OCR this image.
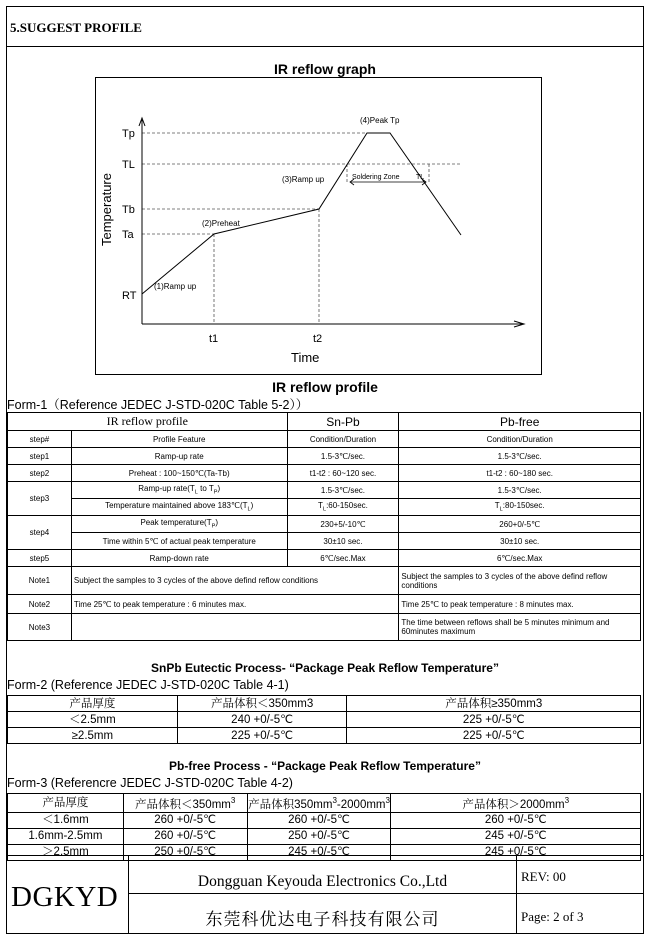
5.SUGGEST PROFILE
IR reflow graph
Tp
TL
Tb
Ta
RT
Temperature
Time
t1	t2
(1)Ramp up
(2)Preheat
(3)Ramp up
(4)Peak Tp
Soldering Zone TL
IR reflow profile
Form-1（Reference JEDEC J-STD-020C Table 5-2））
IR reflow profile		Sn-Pb	Pb-free
step#	Profile Feature	Condition/Duration	Condition/Duration
step1	Ramp-up rate	1.5-3℃/sec.	1.5-3℃/sec.
step2	Preheat : 100~150℃(Ta-Tb)	t1-t2 : 60~120 sec.	t1-t2 : 60~180 sec.
step3	Ramp-up $rate(T_L$ to $T_P$)	1.5-3℃/sec.	1.5-3℃/sec.
	Temperature maintained above $183℃(T_L)$	$T_L:60-150\sec$.	$T_L:80-150\sec$.
step4	Peak $temperature(T_P)$	230+5/-10℃	260+0/-5℃
	Time within 5℃ of actual peak temperature	30±10 sec.	30±10 sec.
step5	Ramp-down rate	6℃/sec.Max	6℃/sec.Max
Note1	Subject the samples to 3 cycles of the above defind reflow conditions		Subject the samples to 3 cycles of the above defind reflow conditions
Note2	Time 25℃ to peak temperature : 6 minutes max.		Time 25℃ to peak temperature : 8 minutes max.
Note3			The time between reflows shall be 5 minutes minimum and 60minutes maximum
SnPb Eutectic Process- “Package Peak Reflow Temperature”
Form-2 (Reference JEDEC J-STD-020C Table 4-1)
产品厚度	产品体积＜350mm3	产品体积≥350mm3
＜2.5mm	240 +0/-5℃	225 +0/-5℃
≥2.5mm	225 +0/-5℃	225 +0/-5℃
Pb-free Process - “Package Peak Reflow Temperature”
Form-3 (Referencre JEDEC J-STD-020C Table 4-2)
产品厚度	产品体积$<350mm^3$	产品体积$350mm^3-2000mm^3$	产品体积$>2000mm^3$
＜1.6mm	260 +0/-5℃	260 +0/-5℃	260 +0/-5℃
1.6mm-2.5mm	260 +0/-5℃	250 +0/-5℃	245 +0/-5℃
＞2.5mm	250 +0/-5℃	245 +0/-5℃	245 +0/-5℃
DGKYD	Dongguan Keyouda Electronics Co.,Ltd
东莞科优达电子科技有限公司
REV: 00
Page: 2 of 3
